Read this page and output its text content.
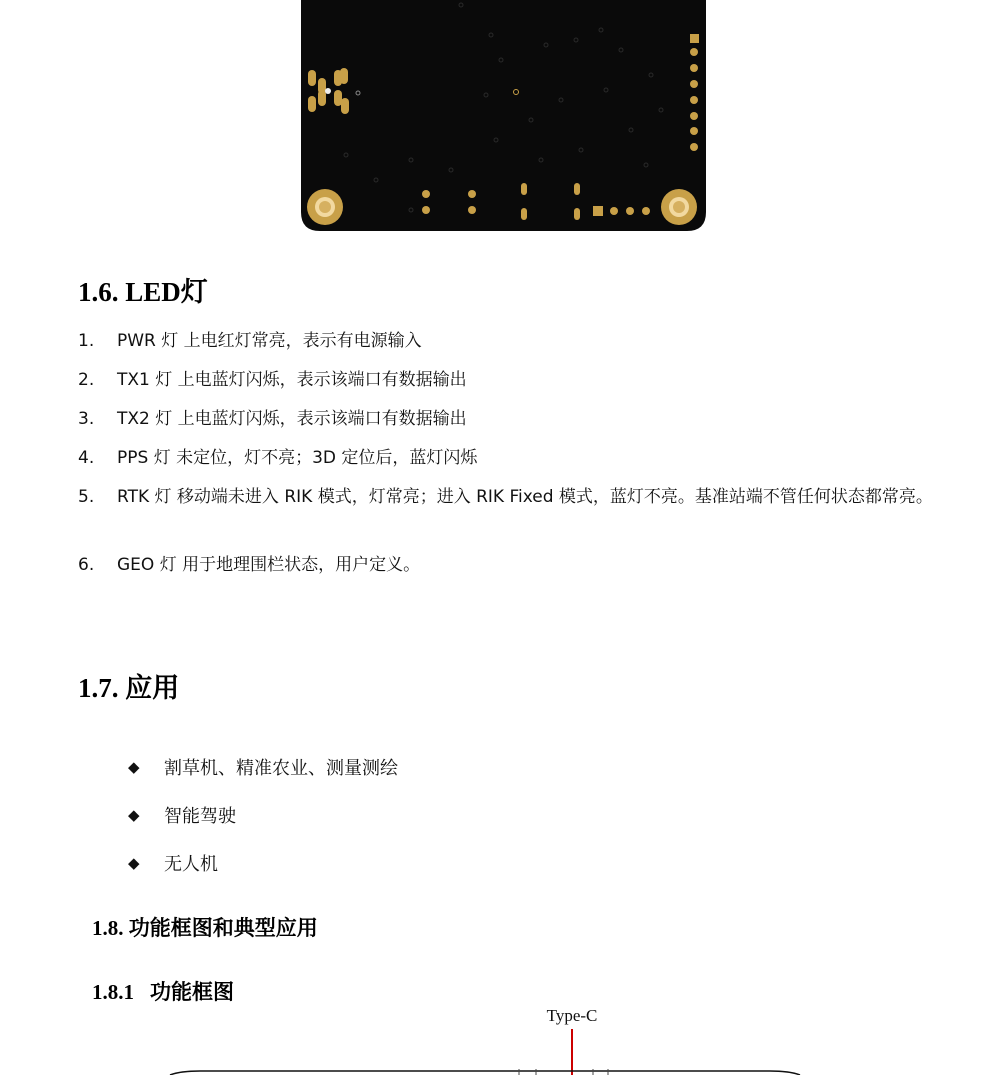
1.6. LED灯
1. PWR 灯 上电红灯常亮，表示有电源输入
2. TX1 灯 上电蓝灯闪烁，表示该端口有数据输出
3. TX2 灯 上电蓝灯闪烁，表示该端口有数据输出
4. PPS 灯 未定位，灯不亮；3D 定位后，蓝灯闪烁
5. RTK 灯 移动端未进入 RIK 模式，灯常亮；进入 RIK Fixed 模式，蓝灯不亮。基准站端不管任何状态都常亮。
6. GEO 灯 用于地理围栏状态，用户定义。
1.7. 应用
◆ 割草机、精准农业、测量测绘
◆ 智能驾驶
◆ 无人机
1.8. 功能框图和典型应用
1.8.1 功能框图
Type-C
